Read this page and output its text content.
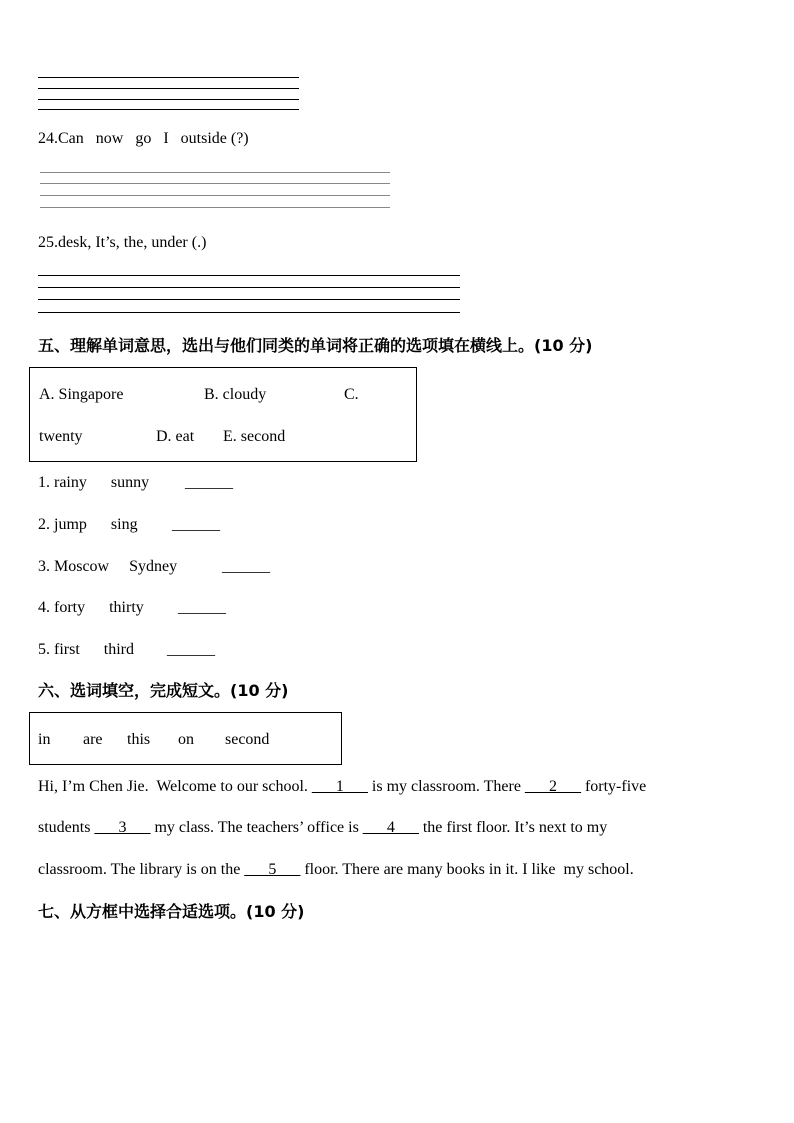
24.Can   now   go   I   outside (?)
25.desk, It’s, the, under (.)
五、理解单词意思，选出与他们同类的单词将正确的选项填在横线上。(10 分)
A. Singapore	B. cloudy	C.
twenty	D. eat E. second
1. rainy      sunny ______
2. jump      sing ______
3. Moscow     Sydney	______
4. forty      thirty ______
5. first      third ______
六、选词填空，完成短文。(10 分)
in are this on second
Hi, I’m Chen Jie.  Welcome to our school. ___1___ is my classroom. There ___2___ forty-five
students ___3___ my class. The teachers’ office is ___4___ the first floor. It’s next to my
classroom. The library is on the ___5___ floor. There are many books in it. I like  my school.
七、从方框中选择合适选项。(10 分)
